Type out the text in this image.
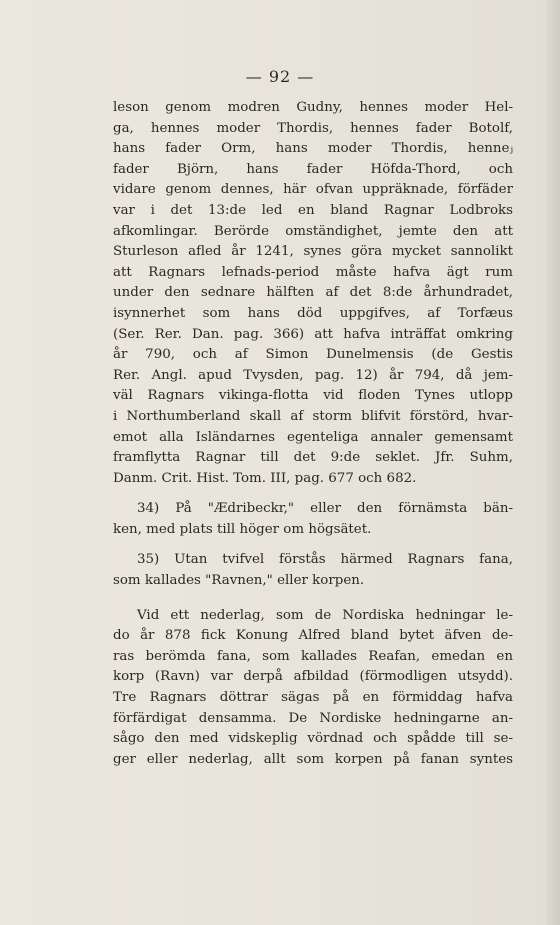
— 92 —
leson genom modren Gudny, hennes moder Hel-
ga, hennes moder Thordis, hennes fader Botolf,
hans fader Orm, hans moder Thordis, henneⱼ
fader Björn, hans fader Höfda-Thord, och
vidare genom dennes, här ofvan uppräknade, förfäder
var i det 13:de led en bland Ragnar Lodbroks
afkomlingar. Berörde omständighet, jemte den att
Sturleson afled år 1241, synes göra mycket sannolikt
att Ragnars lefnads-period måste hafva ägt rum
under den sednare hälften af det 8:de århundradet,
isynnerhet som hans död uppgifves, af Torfæus
(Ser. Rer. Dan. pag. 366) att hafva inträffat omkring
år 790, och af Simon Dunelmensis (de Gestis
Rer. Angl. apud Tvysden, pag. 12) år 794, då jem-
väl Ragnars vikinga-flotta vid floden Tynes utlopp
i Northumberland skall af storm blifvit förstörd, hvar-
emot alla Isländarnes egenteliga annaler gemensamt
framflytta Ragnar till det 9:de seklet. Jfr. Suhm,
Danm. Crit. Hist. Tom. III, pag. 677 och 682.
34) På "Ædribeckr," eller den förnämsta bän-
ken, med plats till höger om högsätet.
35) Utan tvifvel förstås härmed Ragnars fana,
som kallades "Ravnen," eller korpen.
Vid ett nederlag, som de Nordiska hedningar le-
do år 878 fick Konung Alfred bland bytet äfven de-
ras berömda fana, som kallades Reafan, emedan en
korp (Ravn) var derpå afbildad (förmodligen utsydd).
Tre Ragnars döttrar sägas på en förmiddag hafva
förfärdigat densamma. De Nordiske hedningarne an-
sågo den med vidskeplig vördnad och spådde till se-
ger eller nederlag, allt som korpen på fanan syntes
